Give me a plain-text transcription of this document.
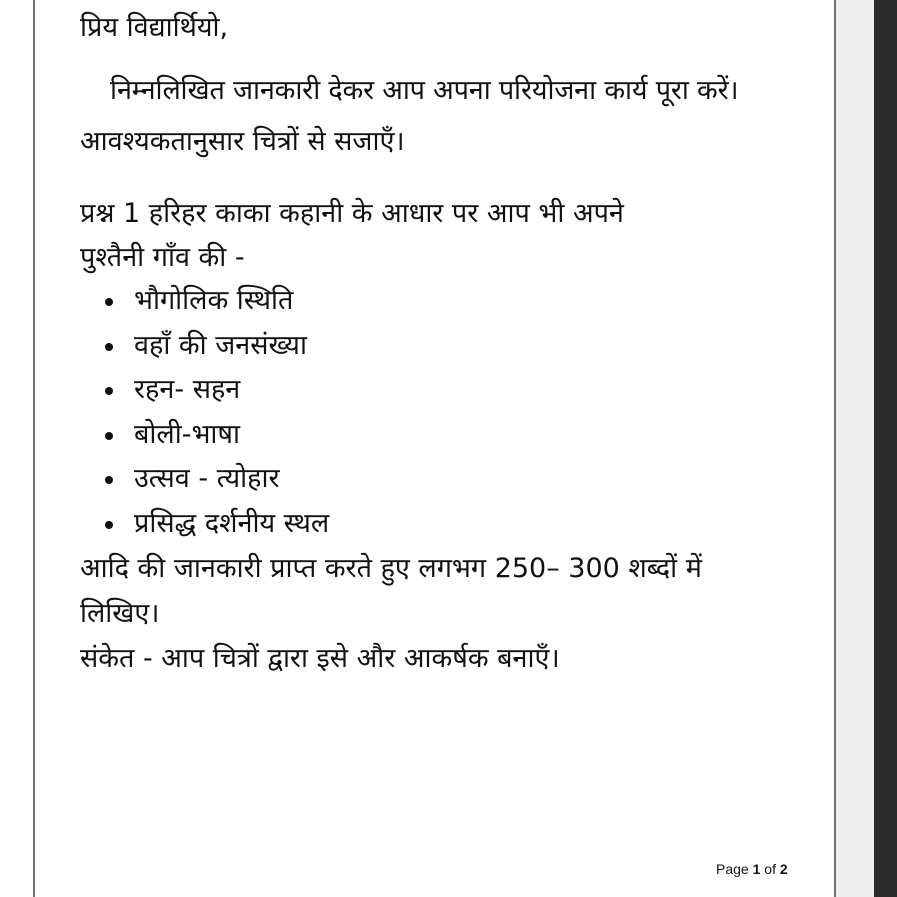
प्रिय विद्यार्थियो,
निम्नलिखित जानकारी देकर आप अपना परियोजना कार्य पूरा करें।
आवश्यकतानुसार चित्रों से सजाएँ।
प्रश्न 1 हरिहर काका कहानी के आधार पर आप भी अपने
पुश्तैनी गाँव की -
भौगोलिक स्थिति
वहाँ की जनसंख्या
रहन- सहन
बोली-भाषा
उत्सव - त्योहार
प्रसिद्ध दर्शनीय स्थल
आदि की जानकारी प्राप्त करते हुए लगभग 250– 300 शब्दों में
लिखिए।
संकेत - आप चित्रों द्वारा इसे और आकर्षक बनाएँ।
Page 1 of 2
